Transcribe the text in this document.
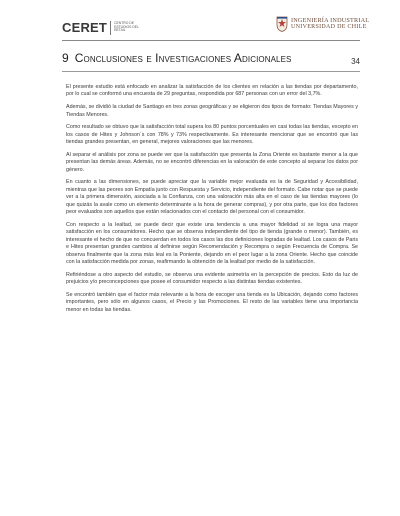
CERET CENTRO DE ESTUDIOS DEL RETAIL
INGENIERÍA INDUSTRIAL
UNIVERSIDAD DE CHILE
9 Conclusiones e Investigaciones Adicionales	34

El presente estudio está enfocado en analizar la satisfacción de los clientes en relación a las tiendas por departamento, por lo cual se conformó una encuesta de 29 preguntas, respondida por 687 personas con un error del 3,7%.

Además, se dividió la ciudad de Santiago en tres zonas geográficas y se eligieron dos tipos de formato: Tiendas Mayores y Tiendas Menores.

Como resultado se obtuvo que la satisfacción total supera los 80 puntos porcentuales en casi todas las tiendas, excepto en los casos de Hites y Johnson´s con 78% y 73% respectivamente. Es interesante mencionar que se encontró que las tiendas grandes presentan, en general, mejores valoraciones que las menores.

Al separar el análisis por zona se puede ver que la satisfacción que presenta la Zona Oriente es bastante menor a la que presentan las demás áreas. Además, no se encontró diferencias en la valoración de este concepto al separar los datos por género.

En cuanto a las dimensiones, se puede apreciar que la variable mejor evaluada es la de Seguridad y Accesibilidad, mientras que las peores son Empatía junto con Respuesta y Servicio, independiente del formato. Cabe notar que se puede ver a la primera dimensión, asociada a la Confianza, con una valoración más alta en el caso de las tiendas mayores (lo que quizás la avale como un elemento determinante a la hora de generar compras), y por otra parte, que los dos factores peor evaluados son aquellos que están relacionados con el contacto del personal con el consumidor.

Con respecto a la lealtad, se puede decir que existe una tendencia a una mayor fidelidad si se logra una mayor satisfacción en los consumidores. Hecho que se observa independiente del tipo de tienda (grande o menor). También, es interesante el hecho de que no concuerdan en todos los casos las dos definiciones logradas de lealtad. Los casos de Paris e Hites presentan grandes cambios al definirse según Recomendación y Recompra o según Frecuencia de Compra. Se observa finalmente que la zona más leal es la Poniente, dejando en el peor lugar a la zona Oriente. Hecho que coincide con la satisfacción medida por zonas, reafirmando la obtención de la lealtad por medio de la satisfacción.

Refiriéndose a otro aspecto del estudio, se observa una evidente asimetría en la percepción de precios. Esto da luz de prejuicios y/o preconcepciones que posee el consumidor respecto a las distintas tiendas existentes.

Se encontró también que el factor más relevante a la hora de escoger una tienda es la Ubicación, dejando como factores importantes, pero sólo en algunos casos, el Precio y las Promociones. El resto de las variables tiene una importancia menor en todas las tiendas.
